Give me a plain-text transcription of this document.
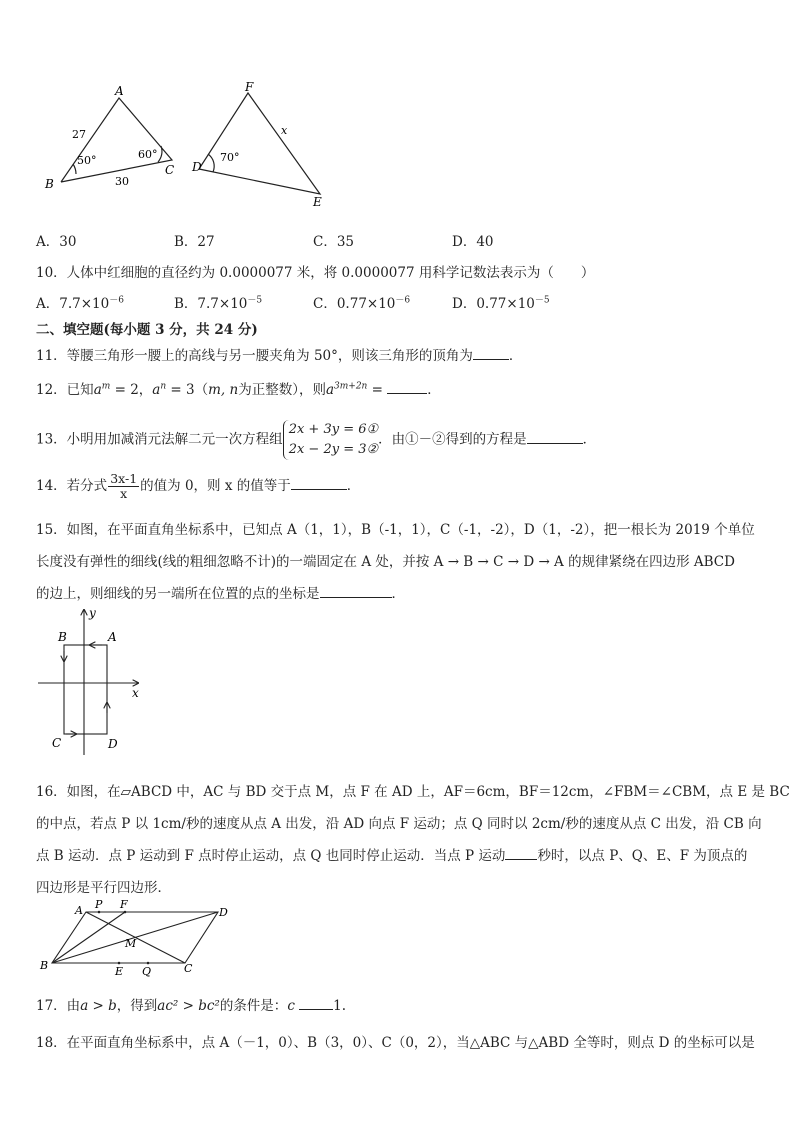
A
B
C
27
30
50°	60°
F
D
E
x
70°
A．30	B．27	C．35	D．40
10．人体中红细胞的直径约为 0.0000077 米，将 0.0000077 用科学记数法表示为（　　）
A．$7.7\times 10^{-6}$	B．$7.7\times 10^{-5}$	C．$0.77\times 10^{-6}$	D．$0.77\times 10^{-5}$
二、填空题(每小题 3 分，共 24 分)
11．等腰三角形一腰上的高线与另一腰夹角为 50°，则该三角形的顶角为	．
12．已知$a^m = 2$，$a^n = 3(m$, n为正整数），则$a^{3m+2n}$ =	．
13．小明用加减消元法解二元一次方程组
2x + 3y = 6①
2x − 2y = 3②
．由①－②得到的方程是	．
14．若分式 $\frac{3x-1}{x}$ 的值为 0，则 x 的值等于	．
15．如图，在平面直角坐标系中，已知点 A（1，1），B（-1，1），C（-1，-2），D（1，-2），把一根长为 2019 个单位
长度没有弹性的细线(线的粗细忽略不计)的一端固定在 A 处，并按 A → B → C → D → A 的规律紧绕在四边形 ABCD
的边上，则细线的另一端所在位置的点的坐标是	．
A
B
C	D
x
y
16．如图，在▱ABCD 中，AC 与 BD 交于点 M，点 F 在 AD 上，AF＝6cm，BF＝12cm，∠FBM＝∠CBM，点 E 是 BC
的中点，若点 P 以 1cm/秒的速度从点 A 出发，沿 AD 向点 F 运动；点 Q 同时以 2cm/秒的速度从点 C 出发，沿 CB 向
点 B 运动．点 P 运动到 F 点时停止运动，点 Q 也同时停止运动．当点 P 运动 秒时，以点 P、Q、E、F 为顶点的
四边形是平行四边形．
A P F
D
M
B	E Q	C
17．由a > b，得到ac² > bc²的条件是：c	1.
18．在平面直角坐标系中，点 A（－1，0）、B（3，0）、C（0，2），当△ABC 与△ABD 全等时，则点 D 的坐标可以是
